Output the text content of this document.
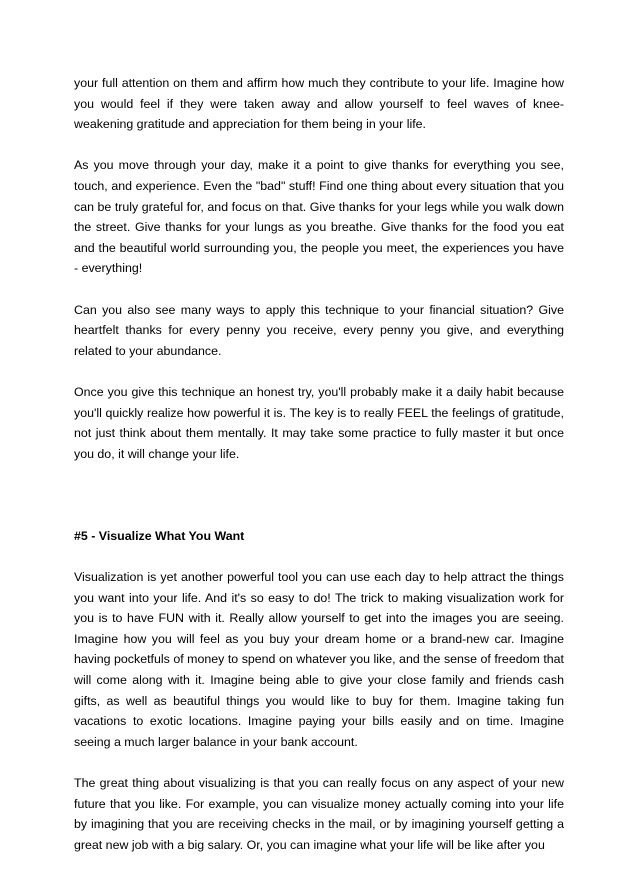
your full attention on them and affirm how much they contribute to your life. Imagine how you would feel if they were taken away and allow yourself to feel waves of knee-weakening gratitude and appreciation for them being in your life.

As you move through your day, make it a point to give thanks for everything you see, touch, and experience. Even the "bad" stuff! Find one thing about every situation that you can be truly grateful for, and focus on that. Give thanks for your legs while you walk down the street. Give thanks for your lungs as you breathe. Give thanks for the food you eat and the beautiful world surrounding you, the people you meet, the experiences you have - everything!

Can you also see many ways to apply this technique to your financial situation? Give heartfelt thanks for every penny you receive, every penny you give, and everything related to your abundance.

Once you give this technique an honest try, you'll probably make it a daily habit because you'll quickly realize how powerful it is. The key is to really FEEL the feelings of gratitude, not just think about them mentally. It may take some practice to fully master it but once you do, it will change your life.

#5 - Visualize What You Want

Visualization is yet another powerful tool you can use each day to help attract the things you want into your life. And it's so easy to do! The trick to making visualization work for you is to have FUN with it. Really allow yourself to get into the images you are seeing. Imagine how you will feel as you buy your dream home or a brand-new car. Imagine having pocketfuls of money to spend on whatever you like, and the sense of freedom that will come along with it. Imagine being able to give your close family and friends cash gifts, as well as beautiful things you would like to buy for them. Imagine taking fun vacations to exotic locations. Imagine paying your bills easily and on time. Imagine seeing a much larger balance in your bank account.

The great thing about visualizing is that you can really focus on any aspect of your new future that you like. For example, you can visualize money actually coming into your life by imagining that you are receiving checks in the mail, or by imagining yourself getting a great new job with a big salary. Or, you can imagine what your life will be like after you
